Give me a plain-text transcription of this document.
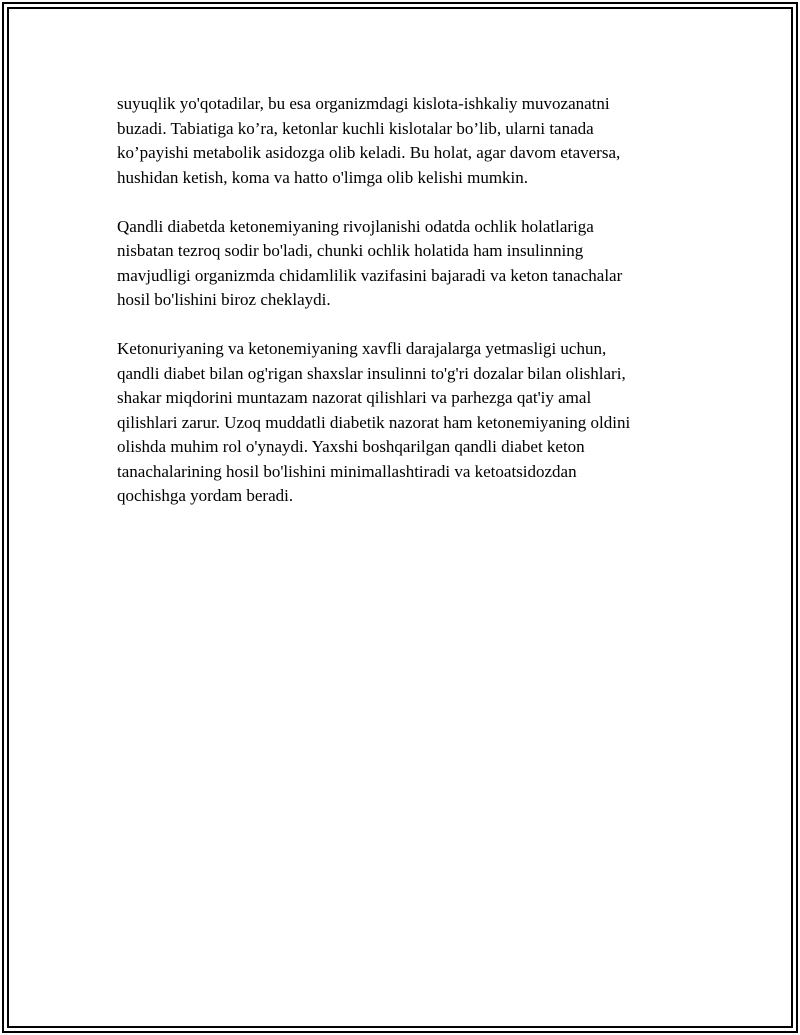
suyuqlik yo'qotadilar, bu esa organizmdagi kislota-ishkaliy muvozanatni
buzadi. Tabiatiga ko’ra, ketonlar kuchli kislotalar bo’lib, ularni tanada
ko’payishi metabolik asidozga olib keladi. Bu holat, agar davom etaversa,
hushidan ketish, koma va hatto o'limga olib kelishi mumkin.

Qandli diabetda ketonemiyaning rivojlanishi odatda ochlik holatlariga
nisbatan tezroq sodir bo'ladi, chunki ochlik holatida ham insulinning
mavjudligi organizmda chidamlilik vazifasini bajaradi va keton tanachalar
hosil bo'lishini biroz cheklaydi.

Ketonuriyaning va ketonemiyaning xavfli darajalarga yetmasligi uchun,
qandli diabet bilan og'rigan shaxslar insulinni to'g'ri dozalar bilan olishlari,
shakar miqdorini muntazam nazorat qilishlari va parhezga qat'iy amal
qilishlari zarur. Uzoq muddatli diabetik nazorat ham ketonemiyaning oldini
olishda muhim rol o'ynaydi. Yaxshi boshqarilgan qandli diabet keton
tanachalarining hosil bo'lishini minimallashtiradi va ketoatsidozdan
qochishga yordam beradi.
